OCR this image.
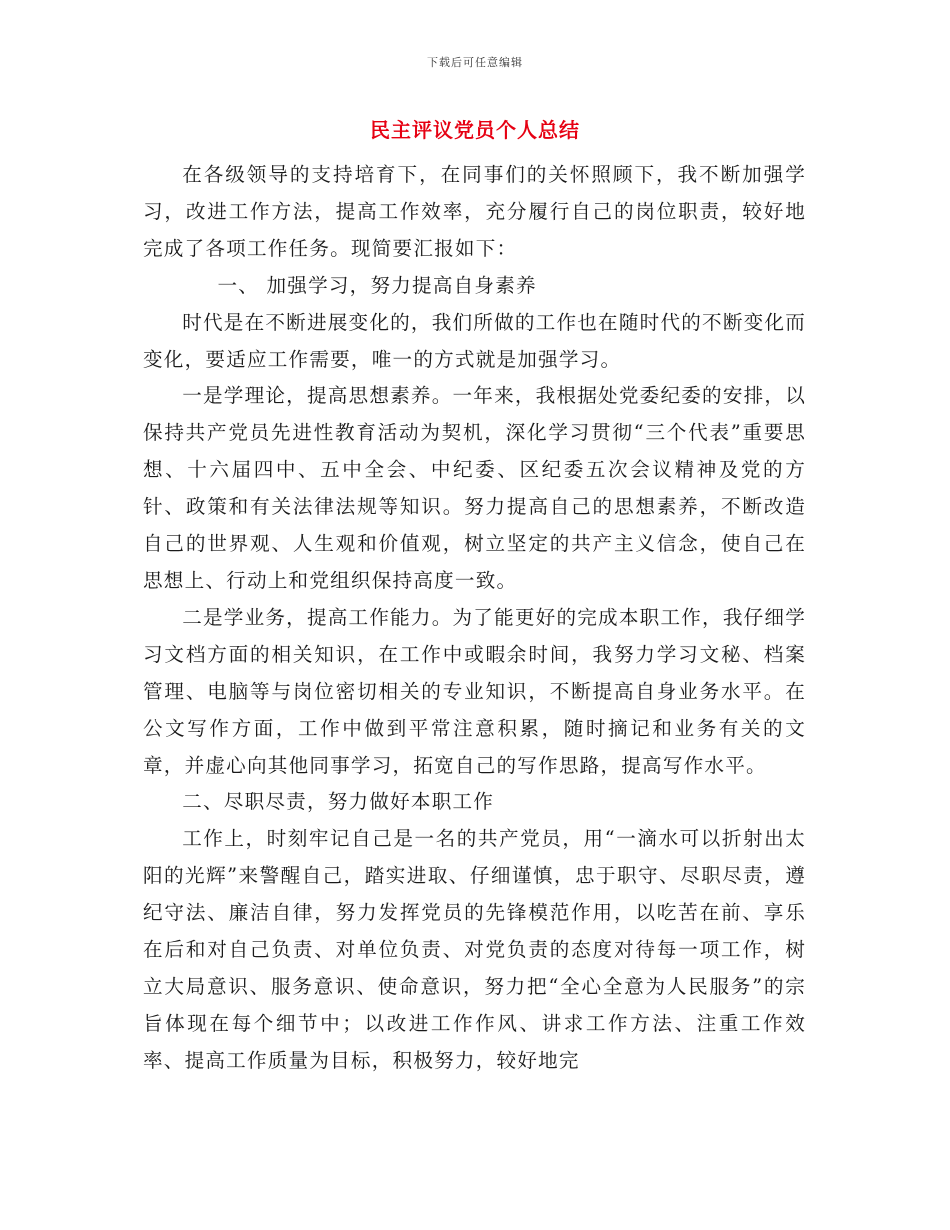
下载后可任意编辑
民主评议党员个人总结

在各级领导的支持培育下，在同事们的关怀照顾下，我不断加强学习，改进工作方法，提高工作效率，充分履行自己的岗位职责，较好地完成了各项工作任务。现简要汇报如下：

一、 加强学习，努力提高自身素养

时代是在不断进展变化的，我们所做的工作也在随时代的不断变化而变化，要适应工作需要，唯一的方式就是加强学习。

一是学理论，提高思想素养。一年来，我根据处党委纪委的安排，以保持共产党员先进性教育活动为契机，深化学习贯彻“三个代表”重要思想、十六届四中、五中全会、中纪委、区纪委五次会议精神及党的方针、政策和有关法律法规等知识。努力提高自己的思想素养，不断改造自己的世界观、人生观和价值观，树立坚定的共产主义信念，使自己在思想上、行动上和党组织保持高度一致。

二是学业务，提高工作能力。为了能更好的完成本职工作，我仔细学习文档方面的相关知识，在工作中或暇余时间，我努力学习文秘、档案管理、电脑等与岗位密切相关的专业知识，不断提高自身业务水平。在公文写作方面，工作中做到平常注意积累，随时摘记和业务有关的文章，并虚心向其他同事学习，拓宽自己的写作思路，提高写作水平。

二、尽职尽责，努力做好本职工作

工作上，时刻牢记自己是一名的共产党员，用“一滴水可以折射出太阳的光辉”来警醒自己，踏实进取、仔细谨慎，忠于职守、尽职尽责，遵纪守法、廉洁自律，努力发挥党员的先锋模范作用，以吃苦在前、享乐在后和对自己负责、对单位负责、对党负责的态度对待每一项工作，树立大局意识、服务意识、使命意识，努力把“全心全意为人民服务”的宗旨体现在每个细节中；以改进工作作风、讲求工作方法、注重工作效率、提高工作质量为目标，积极努力，较好地完
